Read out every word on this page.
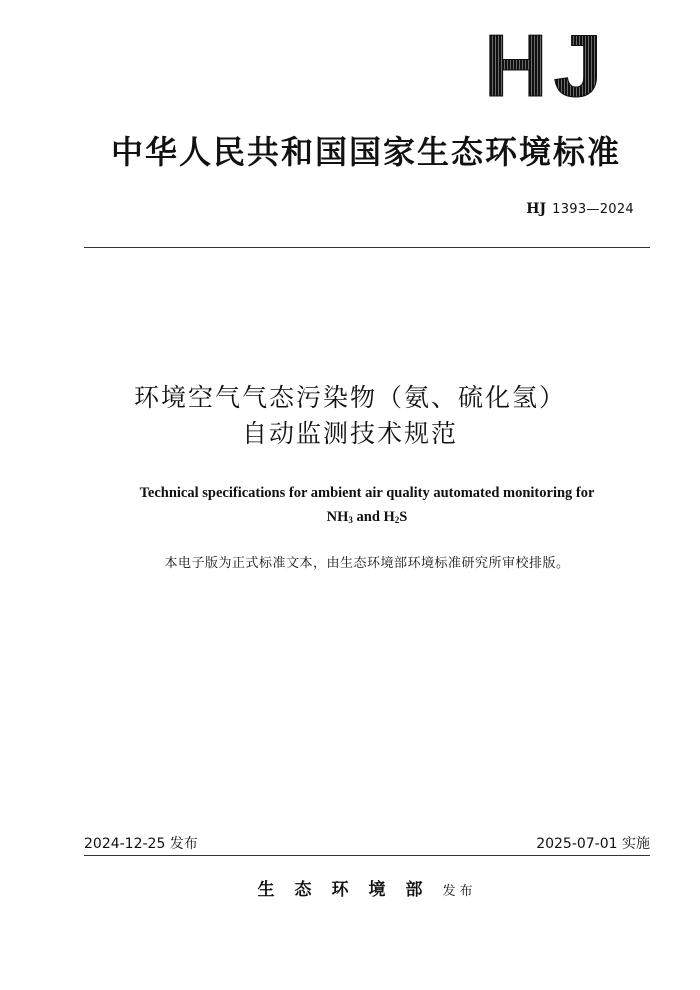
HJ
中华人民共和国国家生态环境标准
HJ 1393—2024
环境空气气态污染物（氨、硫化氢）
自动监测技术规范
Technical specifications for ambient air quality automated monitoring for
$NH_3$ and $H_2S$
本电子版为正式标准文本，由生态环境部环境标准研究所审校排版。
2024-12-25 发布	2025-07-01 实施
生态环境部发布
